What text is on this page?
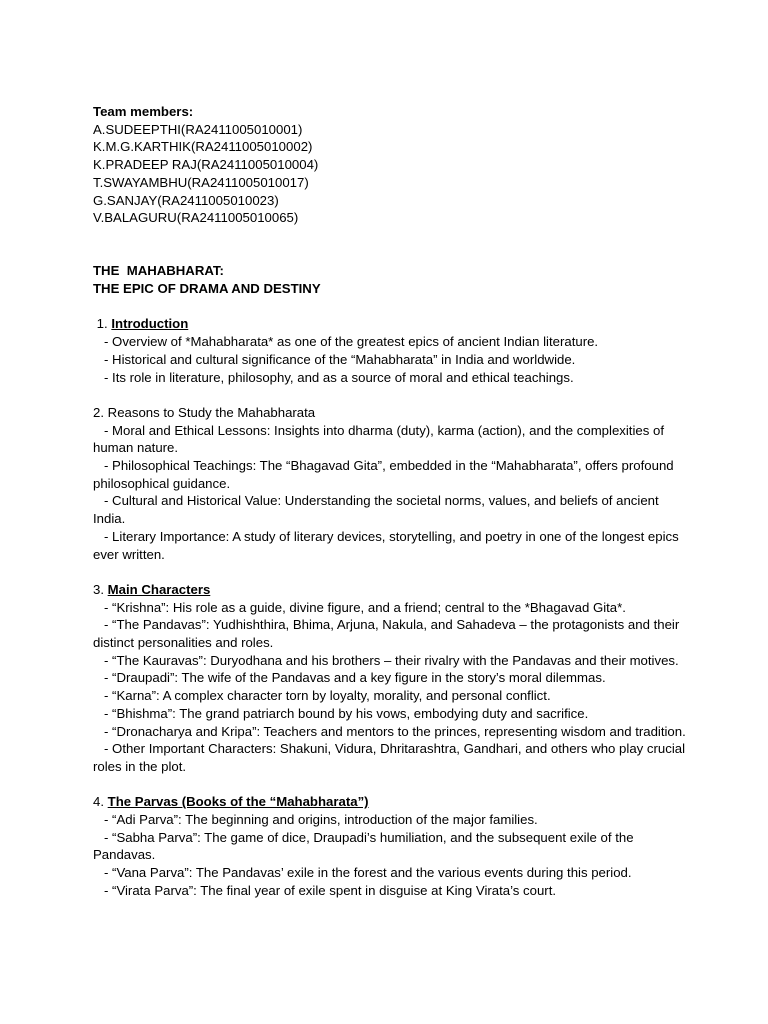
Team members:
A.SUDEEPTHI(RA2411005010001)
K.M.G.KARTHIK(RA2411005010002)
K.PRADEEP RAJ(RA2411005010004)
T.SWAYAMBHU(RA2411005010017)
G.SANJAY(RA2411005010023)
V.BALAGURU(RA2411005010065)
THE  MAHABHARAT:
THE EPIC OF DRAMA AND DESTINY
1. Introduction
- Overview of *Mahabharata* as one of the greatest epics of ancient Indian literature.
- Historical and cultural significance of the “Mahabharata” in India and worldwide.
- Its role in literature, philosophy, and as a source of moral and ethical teachings.
2. Reasons to Study the Mahabharata
- Moral and Ethical Lessons: Insights into dharma (duty), karma (action), and the complexities of human nature.
- Philosophical Teachings: The “Bhagavad Gita”, embedded in the “Mahabharata”, offers profound philosophical guidance.
- Cultural and Historical Value: Understanding the societal norms, values, and beliefs of ancient India.
- Literary Importance: A study of literary devices, storytelling, and poetry in one of the longest epics ever written.
3. Main Characters
- “Krishna”: His role as a guide, divine figure, and a friend; central to the *Bhagavad Gita*.
- “The Pandavas”: Yudhishthira, Bhima, Arjuna, Nakula, and Sahadeva – the protagonists and their distinct personalities and roles.
- “The Kauravas”: Duryodhana and his brothers – their rivalry with the Pandavas and their motives.
- “Draupadi”: The wife of the Pandavas and a key figure in the story’s moral dilemmas.
- “Karna”: A complex character torn by loyalty, morality, and personal conflict.
- “Bhishma”: The grand patriarch bound by his vows, embodying duty and sacrifice.
- “Dronacharya and Kripa”: Teachers and mentors to the princes, representing wisdom and tradition.
- Other Important Characters: Shakuni, Vidura, Dhritarashtra, Gandhari, and others who play crucial roles in the plot.
4. The Parvas (Books of the “Mahabharata”)
- “Adi Parva”: The beginning and origins, introduction of the major families.
- “Sabha Parva”: The game of dice, Draupadi’s humiliation, and the subsequent exile of the Pandavas.
- “Vana Parva”: The Pandavas’ exile in the forest and the various events during this period.
- “Virata Parva”: The final year of exile spent in disguise at King Virata’s court.
